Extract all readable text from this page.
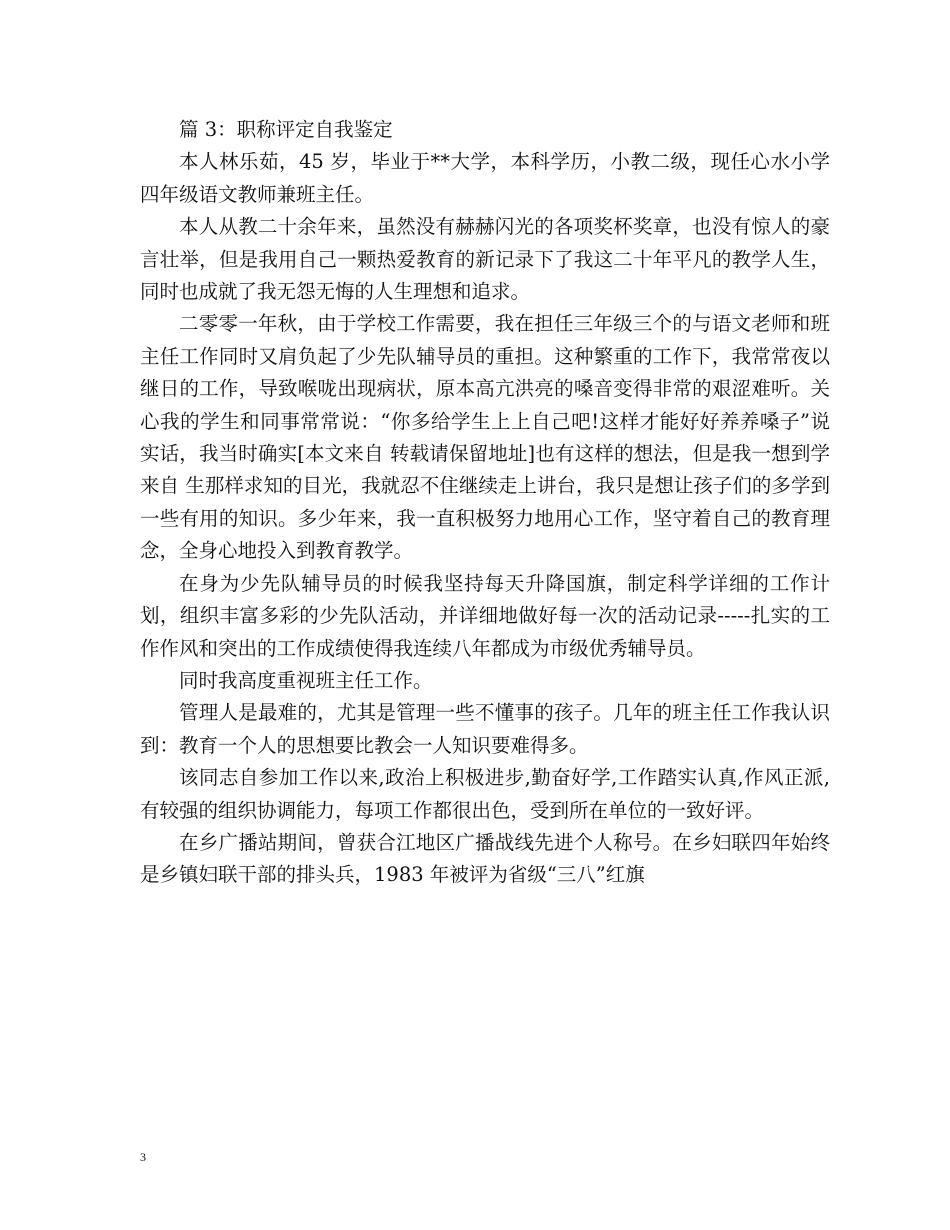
篇 3：职称评定自我鉴定

本人林乐茹，45 岁，毕业于**大学，本科学历，小教二级，现任心水小学四年级语文教师兼班主任。

本人从教二十余年来，虽然没有赫赫闪光的各项奖杯奖章，也没有惊人的豪言壮举，但是我用自己一颗热爱教育的新记录下了我这二十年平凡的教学人生，同时也成就了我无怨无悔的人生理想和追求。

二零零一年秋，由于学校工作需要，我在担任三年级三个的与语文老师和班主任工作同时又肩负起了少先队辅导员的重担。这种繁重的工作下，我常常夜以继日的工作，导致喉咙出现病状，原本高亢洪亮的嗓音变得非常的艰涩难听。关心我的学生和同事常常说：“你多给学生上上自己吧!这样才能好好养养嗓子”说实话，我当时确实[本文来自 转载请保留地址]也有这样的想法，但是我一想到学来自 生那样求知的目光，我就忍不住继续走上讲台，我只是想让孩子们的多学到一些有用的知识。多少年来，我一直积极努力地用心工作，坚守着自己的教育理念，全身心地投入到教育教学。

在身为少先队辅导员的时候我坚持每天升降国旗，制定科学详细的工作计划，组织丰富多彩的少先队活动，并详细地做好每一次的活动记录-----扎实的工作作风和突出的工作成绩使得我连续八年都成为市级优秀辅导员。

同时我高度重视班主任工作。

管理人是最难的，尤其是管理一些不懂事的孩子。几年的班主任工作我认识到：教育一个人的思想要比教会一人知识要难得多。

该同志自参加工作以来,政治上积极进步,勤奋好学,工作踏实认真,作风正派,有较强的组织协调能力，每项工作都很出色，受到所在单位的一致好评。

在乡广播站期间，曾获合江地区广播战线先进个人称号。在乡妇联四年始终是乡镇妇联干部的排头兵，1983 年被评为省级“三八”红旗

3
